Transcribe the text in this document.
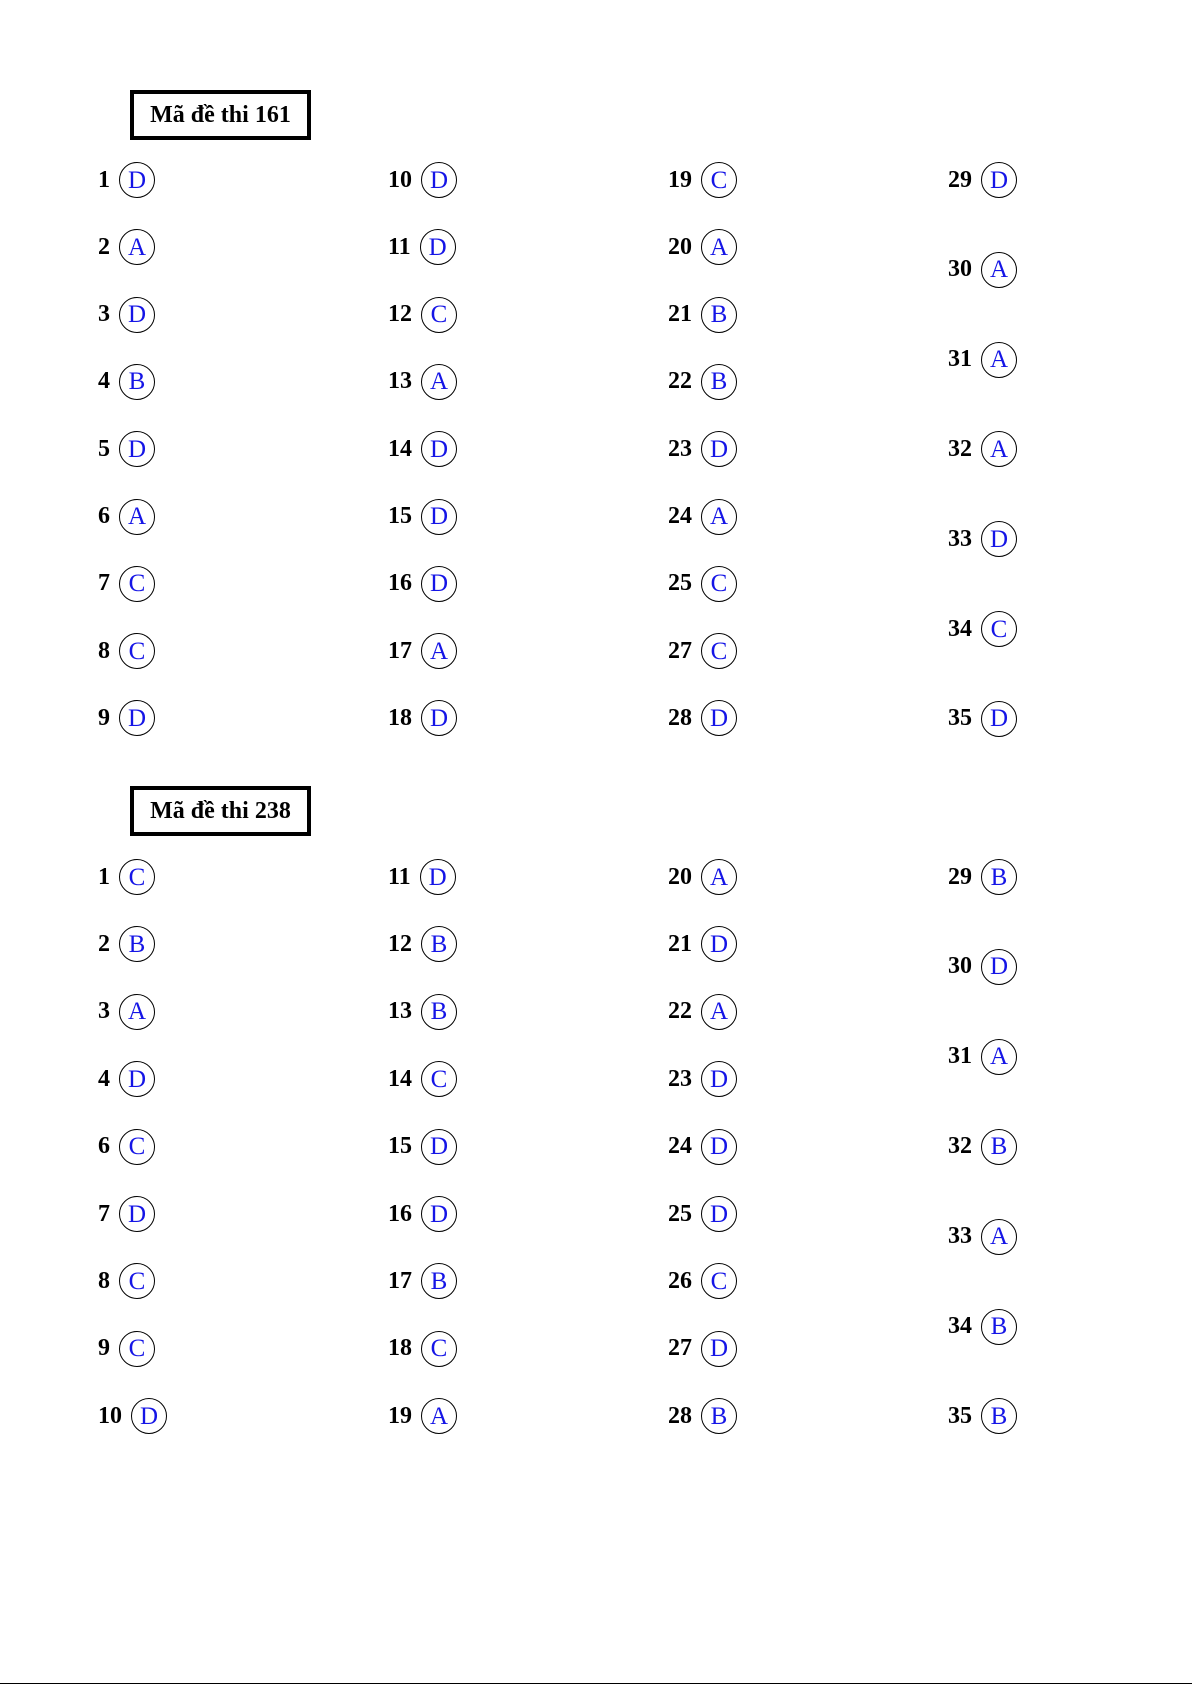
Mã đề thi 161
1 D
2 A
3 D
4 B
5 D
6 A
7 C
8 C
9 D
10 D
11 D
12 C
13 A
14 D
15 D
16 D
17 A
18 D
19 C
20 A
21 B
22 B
23 D
24 A
25 C
27 C
28 D
29 D
30 A
31 A
32 A
33 D
34 C
35 D
Mã đề thi 238
1 C
2 B
3 A
4 D
6 C
7 D
8 C
9 C
10 D
11 D
12 B
13 B
14 C
15 D
16 D
17 B
18 C
19 A
20 A
21 D
22 A
23 D
24 D
25 D
26 C
27 D
28 B
29 B
30 D
31 A
32 B
33 A
34 B
35 B
